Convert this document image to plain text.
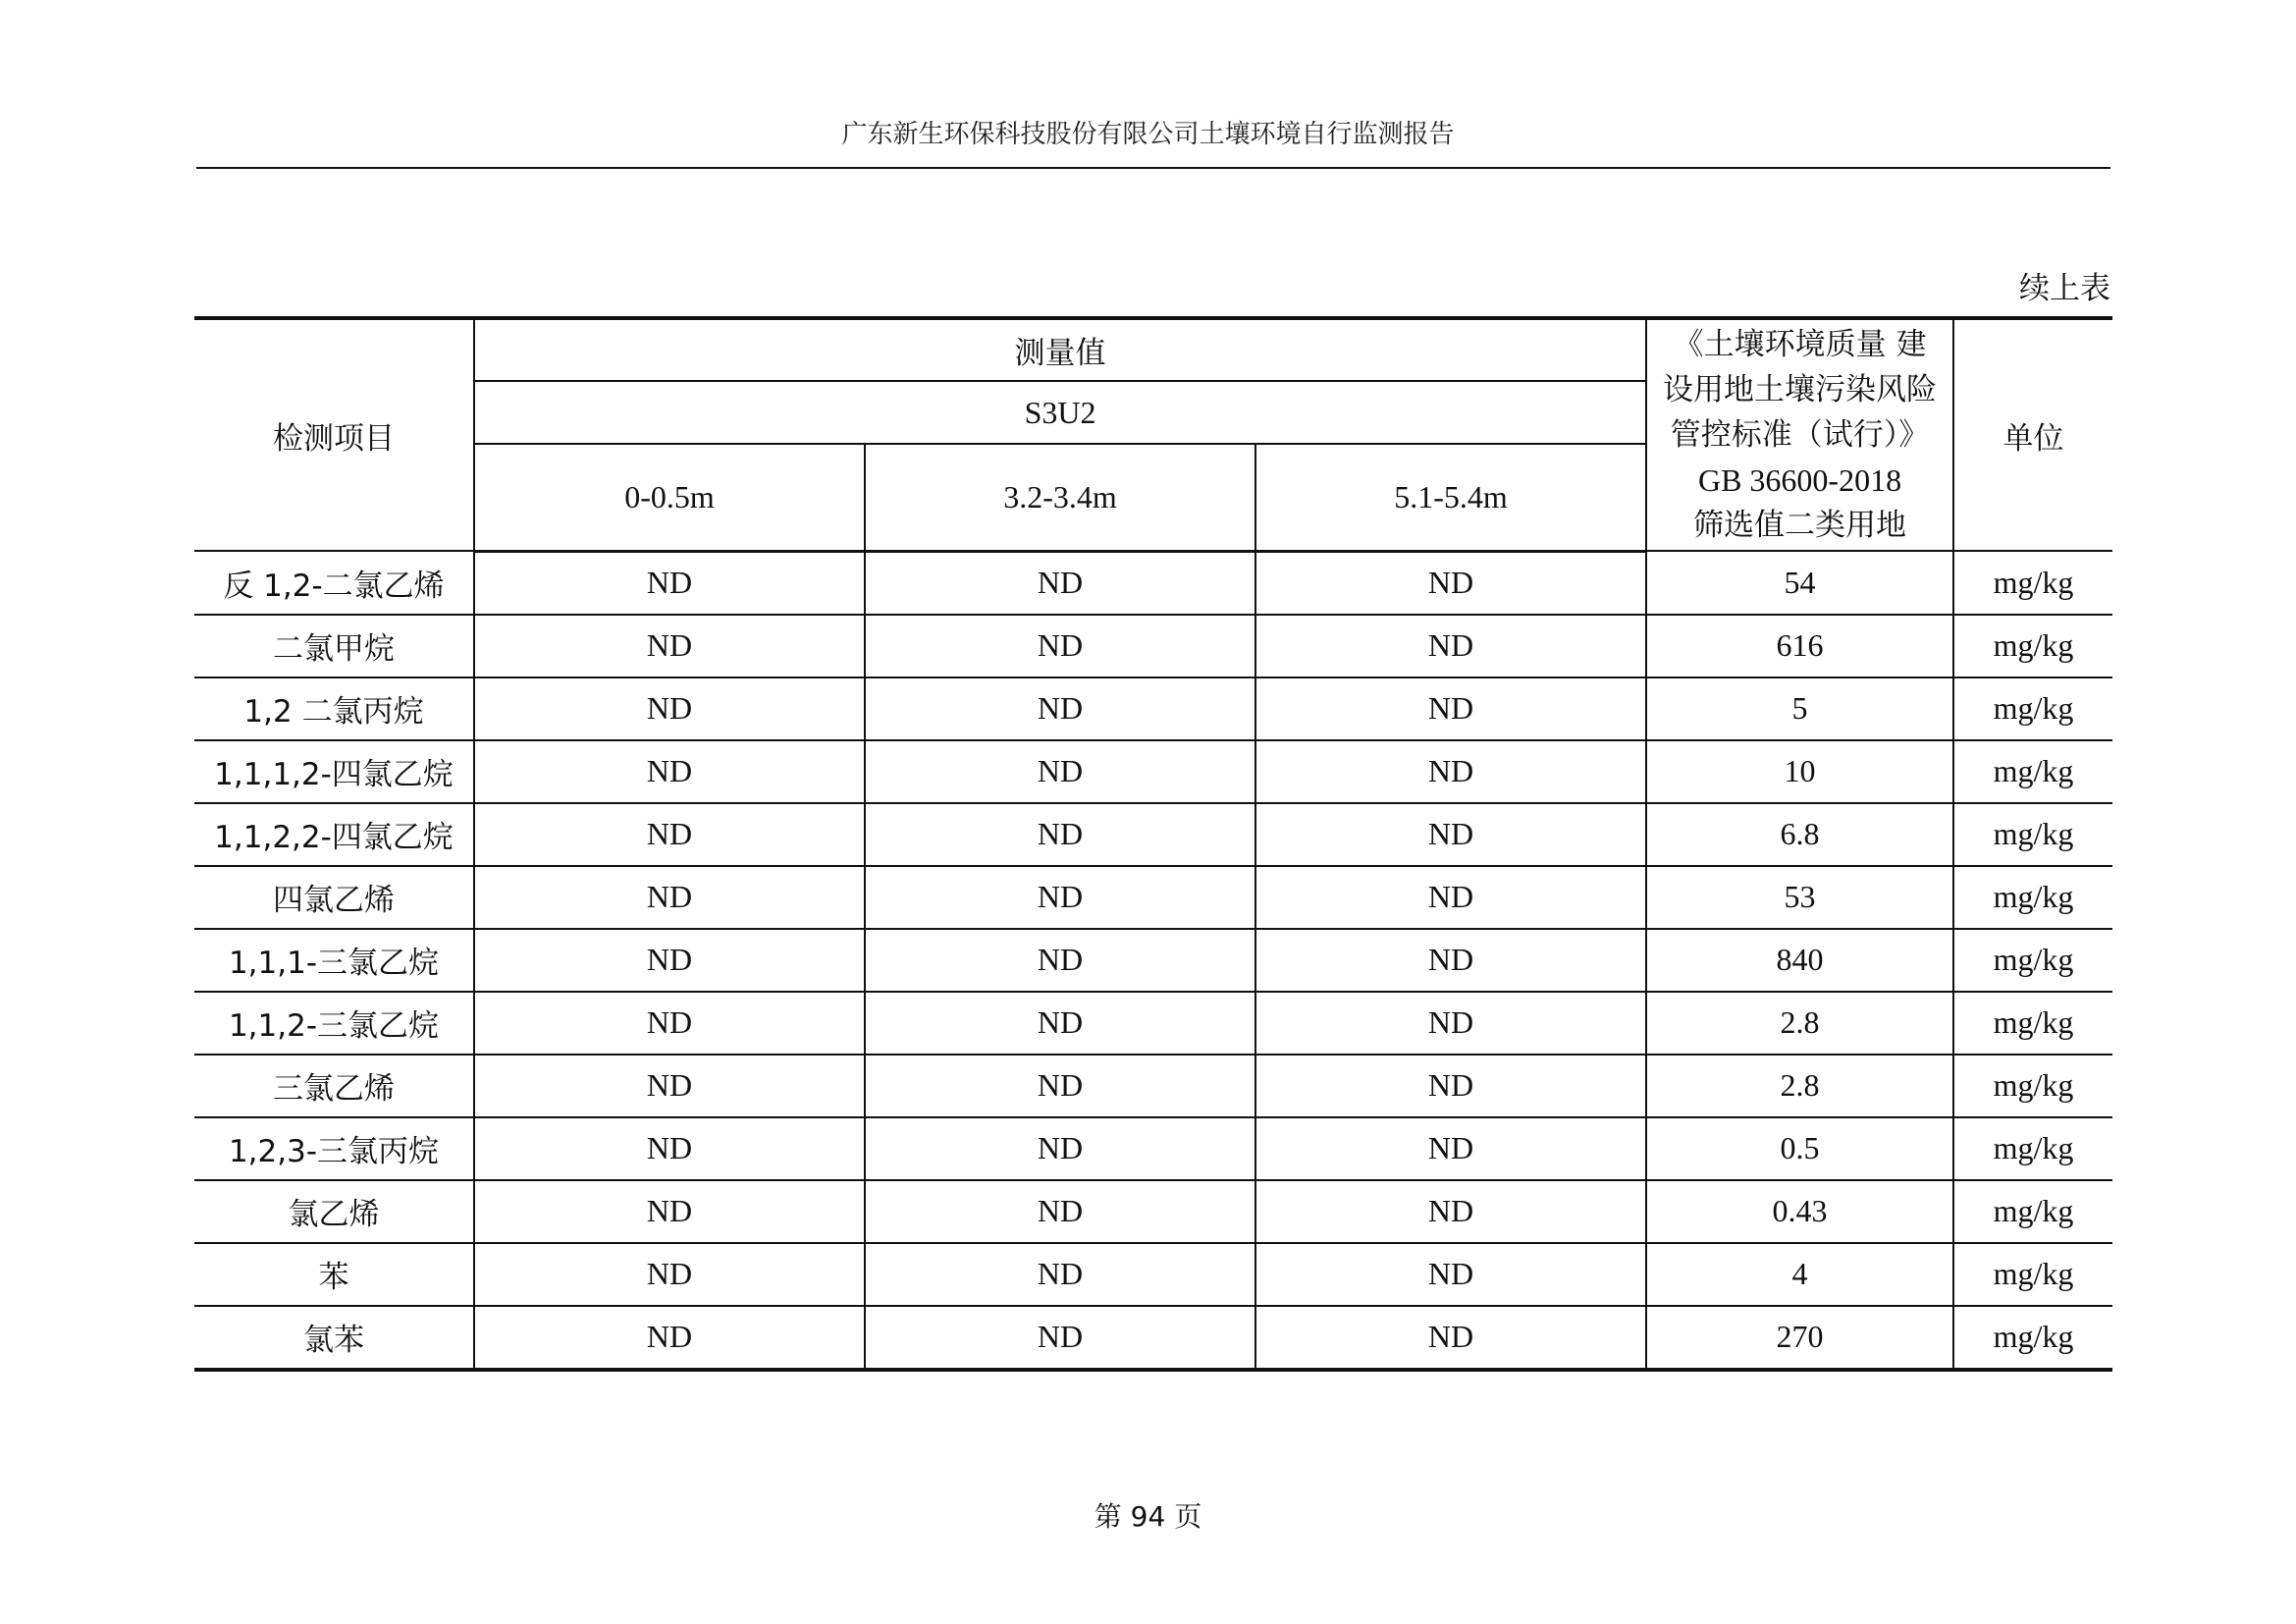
广东新生环保科技股份有限公司土壤环境自行监测报告
续上表
检测项目	测量值			《土壤环境质量 建
设用地土壤污染风险
管控标准（试行）》
GB 36600-2018
筛选值二类用地	单位
	S3U2				
	0-0.5m	3.2-3.4m	5.1-5.4m		
反 1,2-二氯乙烯	ND	ND	ND	54	mg/kg
二氯甲烷	ND	ND	ND	616	mg/kg
1,2 二氯丙烷	ND	ND	ND	5	mg/kg
1,1,1,2-四氯乙烷	ND	ND	ND	10	mg/kg
1,1,2,2-四氯乙烷	ND	ND	ND	6.8	mg/kg
四氯乙烯	ND	ND	ND	53	mg/kg
1,1,1-三氯乙烷	ND	ND	ND	840	mg/kg
1,1,2-三氯乙烷	ND	ND	ND	2.8	mg/kg
三氯乙烯	ND	ND	ND	2.8	mg/kg
1,2,3-三氯丙烷	ND	ND	ND	0.5	mg/kg
氯乙烯	ND	ND	ND	0.43	mg/kg
苯	ND	ND	ND	4	mg/kg
氯苯	ND	ND	ND	270	mg/kg
第 94 页
